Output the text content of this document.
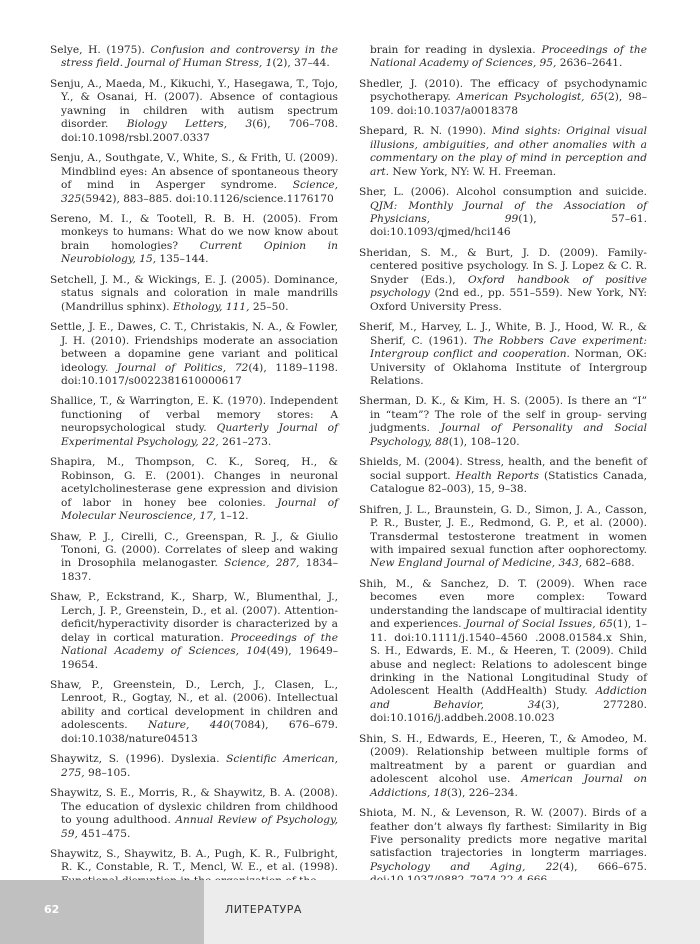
Selye, H. (1975). Confusion and controversy in the stress field. Journal of Human Stress, 1(2), 37–44.

Senju, A., Maeda, M., Kikuchi, Y., Hasegawa, T., Tojo, Y., & Osanai, H. (2007). Absence of contagious yawning in children with autism spectrum disorder. Biology Letters, 3(6), 706–708. doi:10.1098/rsbl.2007.0337

Senju, A., Southgate, V., White, S., & Frith, U. (2009). Mindblind eyes: An absence of spontaneous theory of mind in Asperger syndrome. Science, 325(5942), 883–885. doi:10.1126/science.1176170

Sereno, M. I., & Tootell, R. B. H. (2005). From monkeys to humans: What do we now know about brain homologies? Current Opinion in Neurobiology, 15, 135–144.

Setchell, J. M., & Wickings, E. J. (2005). Dominance, status signals and coloration in male mandrills (Mandrillus sphinx). Ethology, 111, 25–50.

Settle, J. E., Dawes, C. T., Christakis, N. A., & Fowler, J. H. (2010). Friendships moderate an association between a dopamine gene variant and political ideology. Journal of Politics, 72(4), 1189–1198. doi:10.1017/s0022381610000617

Shallice, T., & Warrington, E. K. (1970). Independent functioning of verbal memory stores: A neuropsychological study. Quarterly Journal of Experimental Psychology, 22, 261–273.

Shapira, M., Thompson, C. K., Soreq, H., & Robinson, G. E. (2001). Changes in neuronal acetylcholinesterase gene expression and division of labor in honey bee colonies. Journal of Molecular Neuroscience, 17, 1–12.

Shaw, P. J., Cirelli, C., Greenspan, R. J., & Giulio Tononi, G. (2000). Correlates of sleep and waking in Drosophila melanogaster. Science, 287, 1834–1837.

Shaw, P., Eckstrand, K., Sharp, W., Blumenthal, J., Lerch, J. P., Greenstein, D., et al. (2007). Attention-deficit/hyperactivity disorder is characterized by a delay in cortical maturation. Proceedings of the National Academy of Sciences, 104(49), 19649–19654.

Shaw, P., Greenstein, D., Lerch, J., Clasen, L., Lenroot, R., Gogtay, N., et al. (2006). Intellectual ability and cortical development in children and adolescents. Nature, 440(7084), 676–679. doi:10.1038/nature04513

Shaywitz, S. (1996). Dyslexia. Scientific American, 275, 98–105.

Shaywitz, S. E., Morris, R., & Shaywitz, B. A. (2008). The education of dyslexic children from childhood to young adulthood. Annual Review of Psychology, 59, 451–475.

Shaywitz, S., Shaywitz, B. A., Pugh, K. R., Fulbright, R. K., Constable, R. T., Mencl, W. E., et al. (1998).

brain for reading in dyslexia. Proceedings of the National Academy of Sciences, 95, 2636–2641.

Shedler, J. (2010). The efficacy of psychodynamic psychotherapy. American Psychologist, 65(2), 98–109. doi:10.1037/a0018378

Shepard, R. N. (1990). Mind sights: Original visual illusions, ambiguities, and other anomalies with a commentary on the play of mind in perception and art. New York, NY: W. H. Freeman.

Sher, L. (2006). Alcohol consumption and suicide. QJM: Monthly Journal of the Association of Physicians, 99(1), 57–61. doi:10.1093/qjmed/hci146

Sheridan, S. M., & Burt, J. D. (2009). Family- centered positive psychology. In S. J. Lopez & C. R. Snyder (Eds.), Oxford handbook of positive psychology (2nd ed., pp. 551–559). New York, NY: Oxford University Press.

Sherif, M., Harvey, L. J., White, B. J., Hood, W. R., & Sherif, C. (1961). The Robbers Cave experiment: Intergroup conflict and cooperation. Norman, OK: University of Oklahoma Institute of Intergroup Relations.

Sherman, D. K., & Kim, H. S. (2005). Is there an “I” in “team”? The role of the self in group- serving judgments. Journal of Personality and Social Psychology, 88(1), 108–120.

Shields, M. (2004). Stress, health, and the benefit of social support. Health Reports (Statistics Canada, Catalogue 82–003), 15, 9–38.

Shifren, J. L., Braunstein, G. D., Simon, J. A., Casson, P. R., Buster, J. E., Redmond, G. P., et al. (2000). Transdermal testosterone treatment in women with impaired sexual function after oophorectomy. New England Journal of Medicine, 343, 682–688.

Shih, M., & Sanchez, D. T. (2009). When race becomes even more complex: Toward understanding the landscape of multiracial identity and experiences. Journal of Social Issues, 65(1), 1–11. doi:10.1111/j.1540–4560 .2008.01584.x Shin, S. H., Edwards, E. M., & Heeren, T. (2009). Child abuse and neglect: Relations to adolescent binge drinking in the National Longitudinal Study of Adolescent Health (AddHealth) Study. Addiction and Behavior, 34(3), 277280. doi:10.1016/j.addbeh.2008.10.023

Shin, S. H., Edwards, E., Heeren, T., & Amodeo, M. (2009). Relationship between multiple forms of maltreatment by a parent or guardian and adolescent alcohol use. American Journal on Addictions, 18(3), 226–234.

Shiota, M. N., & Levenson, R. W. (2007). Birds of a feather don’t always fly farthest: Similarity in Big Five personality predicts more negative marital satisfaction trajectories in longterm marriages. Psychology and Aging, 22(4), 666–675.

62	ЛИТЕРАТУРА
